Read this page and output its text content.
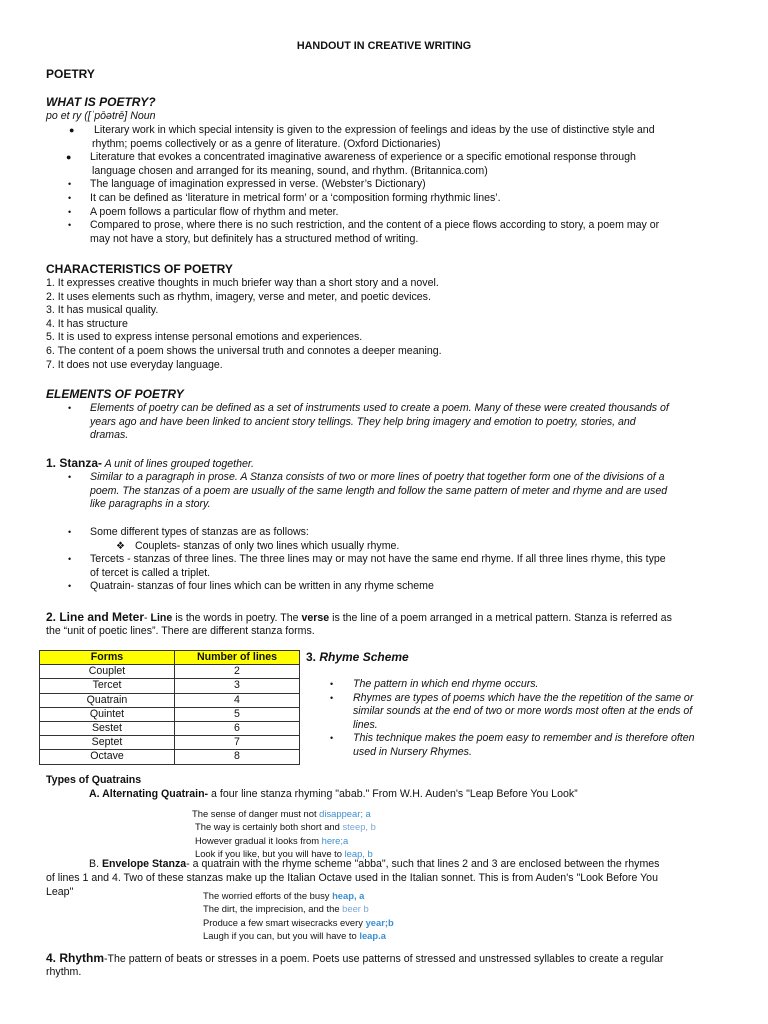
HANDOUT IN CREATIVE WRITING
POETRY
WHAT IS POETRY?
po et ry ([ˈpōətrē] Noun
●	Literary work in which special intensity is given to the expression of feelings and ideas by the use of distinctive style and
rhythm; poems collectively or as a genre of literature. (Oxford Dictionaries)
●	Literature that evokes a concentrated imaginative awareness of experience or a specific emotional response through
language chosen and arranged for its meaning, sound, and rhythm. (Britannica.com)
•	The language of imagination expressed in verse. (Webster’s Dictionary)
•	It can be defined as ‘literature in metrical form’ or a ‘composition forming rhythmic lines’.
•	A poem follows a particular flow of rhythm and meter.
•	Compared to prose, where there is no such restriction, and the content of a piece flows according to story, a poem may or
may not have a story, but definitely has a structured method of writing.
CHARACTERISTICS OF POETRY
1. It expresses creative thoughts in much briefer way than a short story and a novel.
2. It uses elements such as rhythm, imagery, verse and meter, and poetic devices.
3. It has musical quality.
4. It has structure
5. It is used to express intense personal emotions and experiences.
6. The content of a poem shows the universal truth and connotes a deeper meaning.
7. It does not use everyday language.
ELEMENTS OF POETRY
•	Elements of poetry can be defined as a set of instruments used to create a poem. Many of these were created thousands of
years ago and have been linked to ancient story tellings. They help bring imagery and emotion to poetry, stories, and
dramas.
1. Stanza- A unit of lines grouped together.
•	Similar to a paragraph in prose. A Stanza consists of two or more lines of poetry that together form one of the divisions of a
poem. The stanzas of a poem are usually of the same length and follow the same pattern of meter and rhyme and are used
like paragraphs in a story.
•	Some different types of stanzas are as follows:
❖ Couplets- stanzas of only two lines which usually rhyme.
•	Tercets - stanzas of three lines. The three lines may or may not have the same end rhyme. If all three lines rhyme, this type
of tercet is called a triplet.
•	Quatrain- stanzas of four lines which can be written in any rhyme scheme
2. Line and Meter- Line is the words in poetry. The verse is the line of a poem arranged in a metrical pattern. Stanza is referred as
the “unit of poetic lines”. There are different stanza forms.
Forms	Number of lines
Couplet	2
Tercet	3
Quatrain	4
Quintet	5
Sestet	6
Septet	7
Octave	8
3. Rhyme Scheme
•	The pattern in which end rhyme occurs.
•	Rhymes are types of poems which have the the repetition of the same or
similar sounds at the end of two or more words most often at the ends of
lines.
•	This technique makes the poem easy to remember and is therefore often
used in Nursery Rhymes.
Types of Quatrains
A. Alternating Quatrain- a four line stanza rhyming "abab." From W.H. Auden's "Leap Before You Look”
The sense of danger must not disappear; a
The way is certainly both short and steep, b
However gradual it looks from here;a
Look if you like, but you will have to leap, b
B. Envelope Stanza- a quatrain with the rhyme scheme "abba", such that lines 2 and 3 are enclosed between the rhymes
of lines 1 and 4. Two of these stanzas make up the Italian Octave used in the Italian sonnet. This is from Auden's "Look Before You
Leap"	The worried efforts of the busy heap, a
The dirt, the imprecision, and the beer b
Produce a few smart wisecracks every year;b
Laugh if you can, but you will have to leap.a
4. Rhythm-The pattern of beats or stresses in a poem. Poets use patterns of stressed and unstressed syllables to create a regular
rhythm.
